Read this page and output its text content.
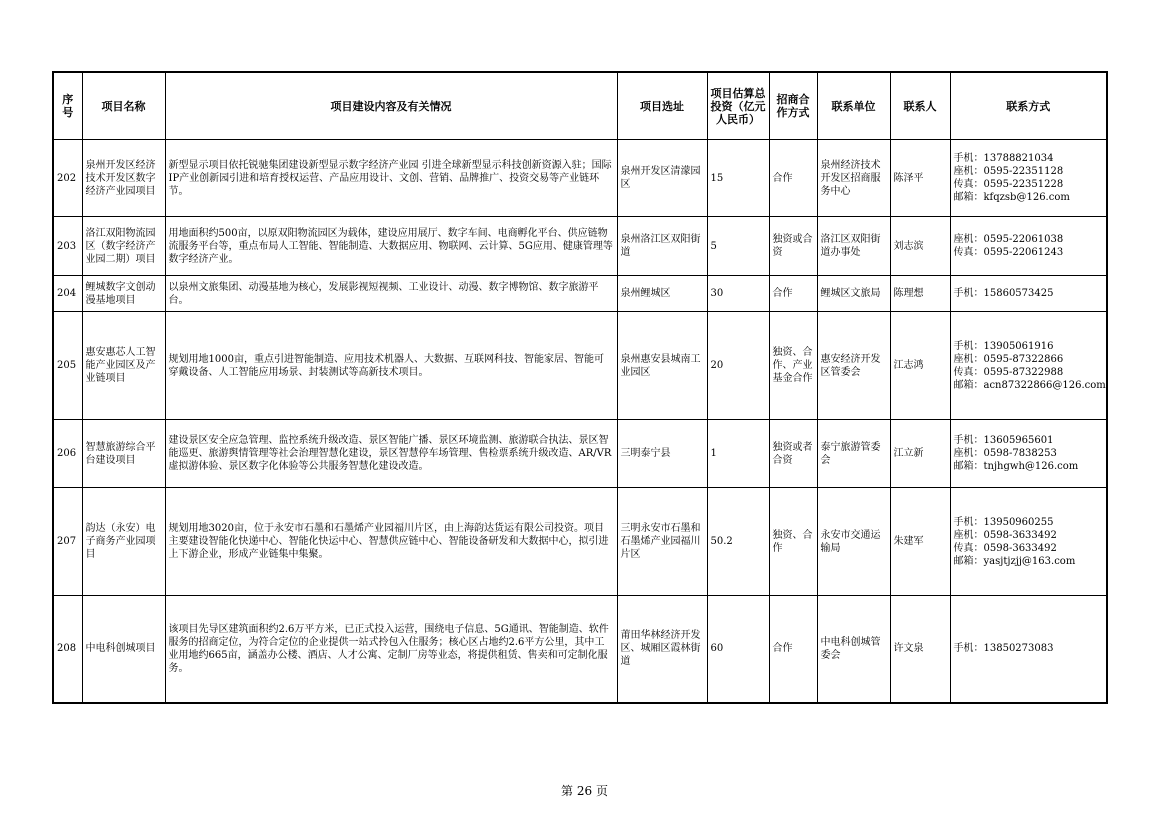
序号	项目名称	项目建设内容及有关情况	项目选址	项目估算总投资（亿元人民币）	招商合作方式	联系单位	联系人	联系方式
202	泉州开发区经济技术开发区数字经济产业园项目	新型显示项目依托锐驰集团建设新型显示数字经济产业园 引进全球新型显示科技创新资源入驻；国际IP产业创新园引进和培育授权运营、产品应用设计、文创、营销、品牌推广、投资交易等产业链环节。	泉州开发区清濛园区	15	合作	泉州经济技术开发区招商服务中心	陈泽平	手机：13788821034
座机：0595-22351128
传真：0595-22351228
邮箱：kfqzsb@126.com

203	洛江双阳物流园区（数字经济产业园二期）项目	用地面积约500亩，以原双阳物流园区为载体，建设应用展厅、数字车间、电商孵化平台、供应链物流服务平台等，重点布局人工智能、智能制造、大数据应用、物联网、云计算、5G应用、健康管理等数字经济产业。	泉州洛江区双阳街道	5	独资或合资	洛江区双阳街道办事处	刘志滨	座机：0595-22061038
传真：0595-22061243

204	鲤城数字文创动漫基地项目	以泉州文旅集团、动漫基地为核心，发展影视短视频、工业设计、动漫、数字博物馆、数字旅游平台。	泉州鲤城区	30	合作	鲤城区文旅局	陈理想	手机：15860573425

205	惠安惠芯人工智能产业园区及产业链项目	规划用地1000亩，重点引进智能制造、应用技术机器人、大数据、互联网科技、智能家居、智能可穿戴设备、人工智能应用场景、封装测试等高新技术项目。	泉州惠安县城南工业园区	20	独资、合作、产业基金合作	惠安经济开发区管委会	江志鸿	手机：13905061916
座机：0595-87322866
传真：0595-87322988
邮箱：acn87322866@126.com

206	智慧旅游综合平台建设项目	建设景区安全应急管理、监控系统升级改造、景区智能广播、景区环境监测、旅游联合执法、景区智能巡更、旅游舆情管理等社会治理智慧化建设，景区智慧停车场管理、售检票系统升级改造、AR/VR虚拟游体验、景区数字化体验等公共服务智慧化建设改造。	三明泰宁县	1	独资或者合资	泰宁旅游管委会	江立新	手机：13605965601
座机：0598-7838253
邮箱：tnjhgwh@126.com

207	韵达（永安）电子商务产业园项目	规划用地3020亩，位于永安市石墨和石墨烯产业园福川片区，由上海韵达货运有限公司投资。项目主要建设智能化快递中心、智能化快运中心、智慧供应链中心、智能设备研发和大数据中心，拟引进上下游企业，形成产业链集中集聚。	三明永安市石墨和石墨烯产业园福川片区	50.2	独资、合作	永安市交通运输局	朱建军	手机：13950960255
座机：0598-3633492
传真：0598-3633492
邮箱：yasjtjzjj@163.com

208	中电科创城项目	该项目先导区建筑面积约2.6万平方米，已正式投入运营，围绕电子信息、5G通讯、智能制造、软件服务的招商定位，为符合定位的企业提供一站式拎包入住服务；核心区占地约2.6平方公里，其中工业用地约665亩，涵盖办公楼、酒店、人才公寓、定制厂房等业态，将提供租赁、售卖和可定制化服务。	莆田华林经济开发区、城厢区霞林街道	60	合作	中电科创城管委会	许文泉	手机：13850273083
第 26 页
